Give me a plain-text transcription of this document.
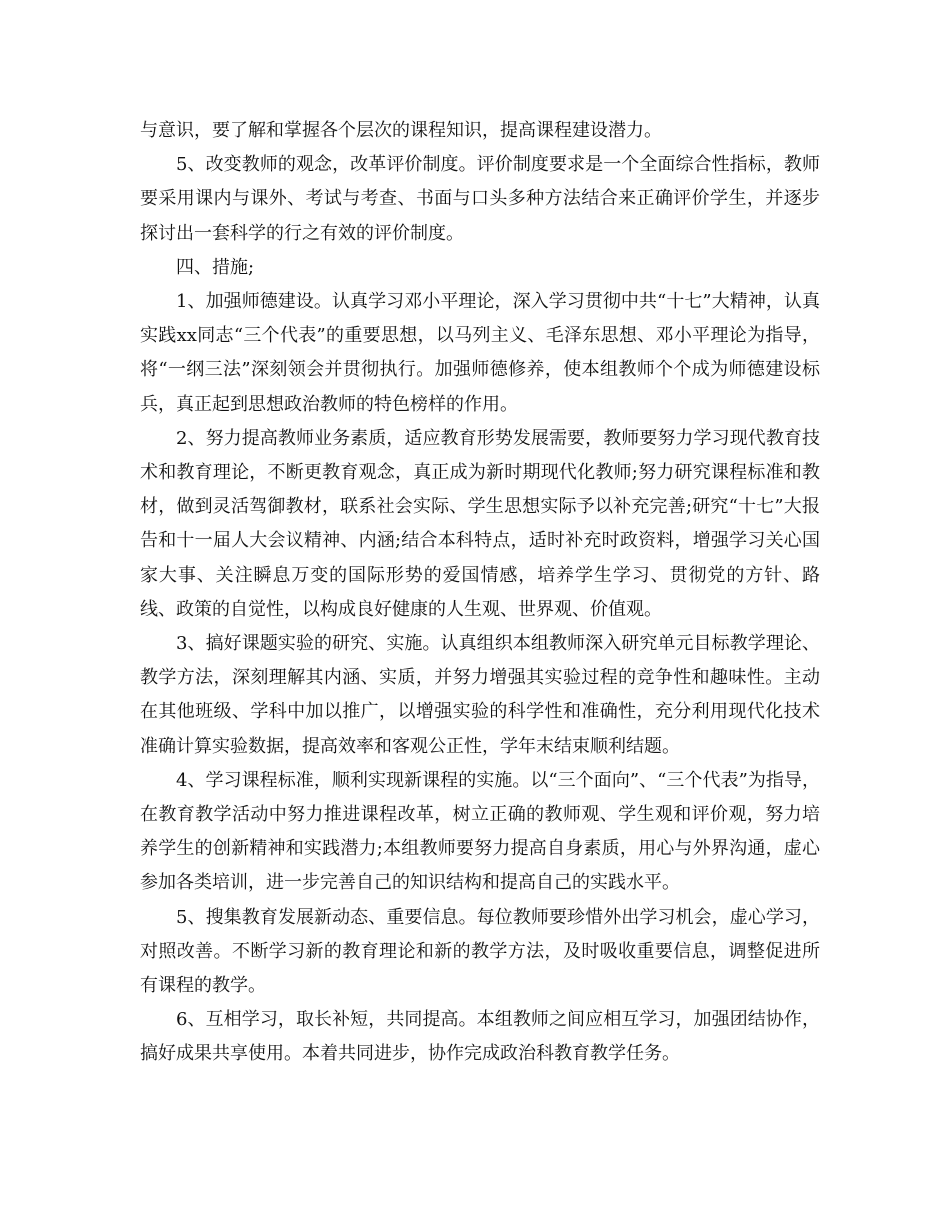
与意识，要了解和掌握各个层次的课程知识，提高课程建设潜力。

5、改变教师的观念，改革评价制度。评价制度要求是一个全面综合性指标，教师要采用课内与课外、考试与考查、书面与口头多种方法结合来正确评价学生，并逐步探讨出一套科学的行之有效的评价制度。

四、措施;

1、加强师德建设。认真学习邓小平理论，深入学习贯彻中共“十七”大精神，认真实践xx同志“三个代表”的重要思想，以马列主义、毛泽东思想、邓小平理论为指导，将“一纲三法”深刻领会并贯彻执行。加强师德修养，使本组教师个个成为师德建设标兵，真正起到思想政治教师的特色榜样的作用。

2、努力提高教师业务素质，适应教育形势发展需要，教师要努力学习现代教育技术和教育理论，不断更教育观念，真正成为新时期现代化教师;努力研究课程标准和教材，做到灵活驾御教材，联系社会实际、学生思想实际予以补充完善;研究“十七”大报告和十一届人大会议精神、内涵;结合本科特点，适时补充时政资料，增强学习关心国家大事、关注瞬息万变的国际形势的爱国情感，培养学生学习、贯彻党的方针、路线、政策的自觉性，以构成良好健康的人生观、世界观、价值观。

3、搞好课题实验的研究、实施。认真组织本组教师深入研究单元目标教学理论、教学方法，深刻理解其内涵、实质，并努力增强其实验过程的竞争性和趣味性。主动在其他班级、学科中加以推广，以增强实验的科学性和准确性，充分利用现代化技术准确计算实验数据，提高效率和客观公正性，学年末结束顺利结题。

4、学习课程标准，顺利实现新课程的实施。以“三个面向”、“三个代表”为指导，在教育教学活动中努力推进课程改革，树立正确的教师观、学生观和评价观，努力培养学生的创新精神和实践潜力;本组教师要努力提高自身素质，用心与外界沟通，虚心参加各类培训，进一步完善自己的知识结构和提高自己的实践水平。

5、搜集教育发展新动态、重要信息。每位教师要珍惜外出学习机会，虚心学习，对照改善。不断学习新的教育理论和新的教学方法，及时吸收重要信息，调整促进所有课程的教学。

6、互相学习，取长补短，共同提高。本组教师之间应相互学习，加强团结协作，搞好成果共享使用。本着共同进步，协作完成政治科教育教学任务。
